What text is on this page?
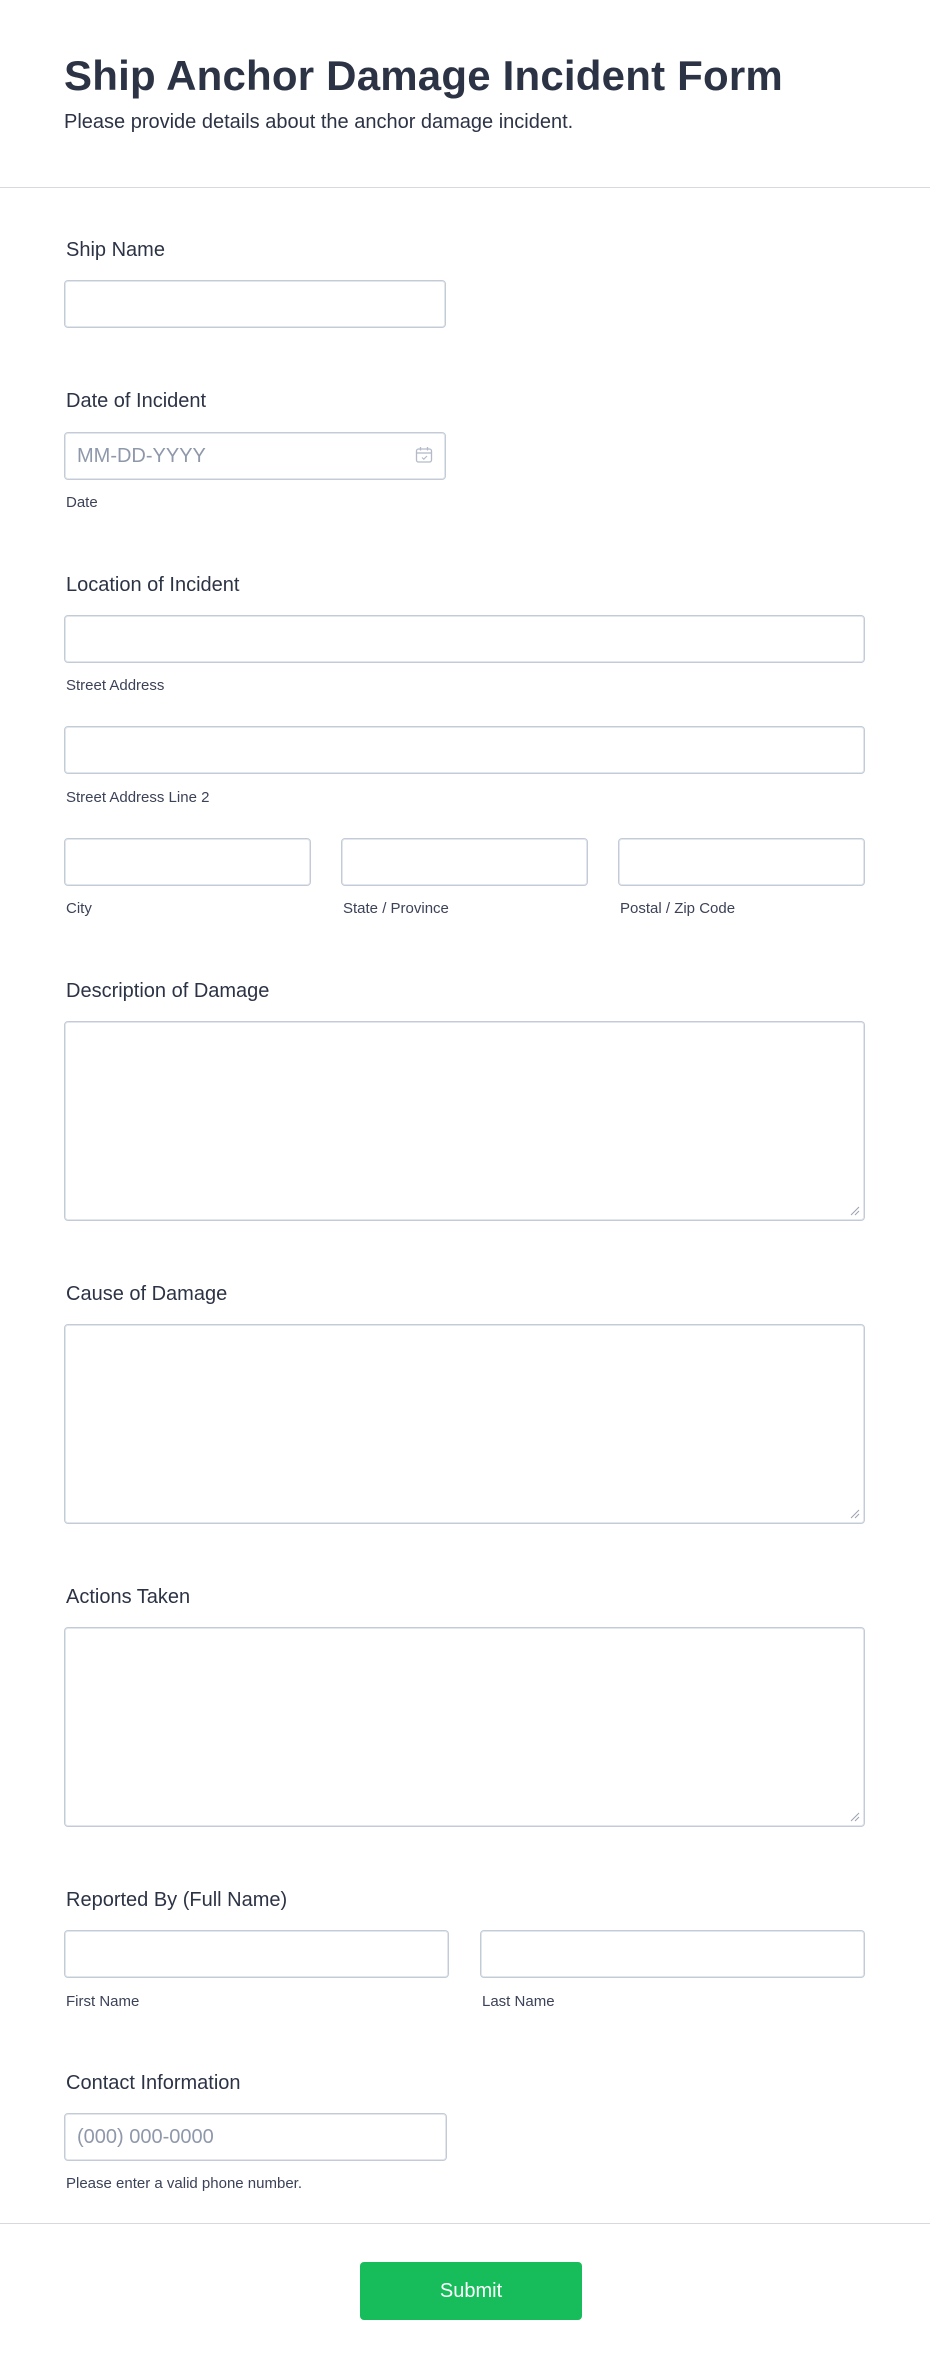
Ship Anchor Damage Incident Form

Please provide details about the anchor damage incident.

Ship Name
Date of Incident
MM-DD-YYYY
Date
Location of Incident
Street Address
Street Address Line 2
City	State / Province	Postal / Zip Code
Description of Damage
Cause of Damage
Actions Taken
Reported By (Full Name)
First Name	Last Name
Contact Information
(000) 000-0000
Please enter a valid phone number.
Submit
